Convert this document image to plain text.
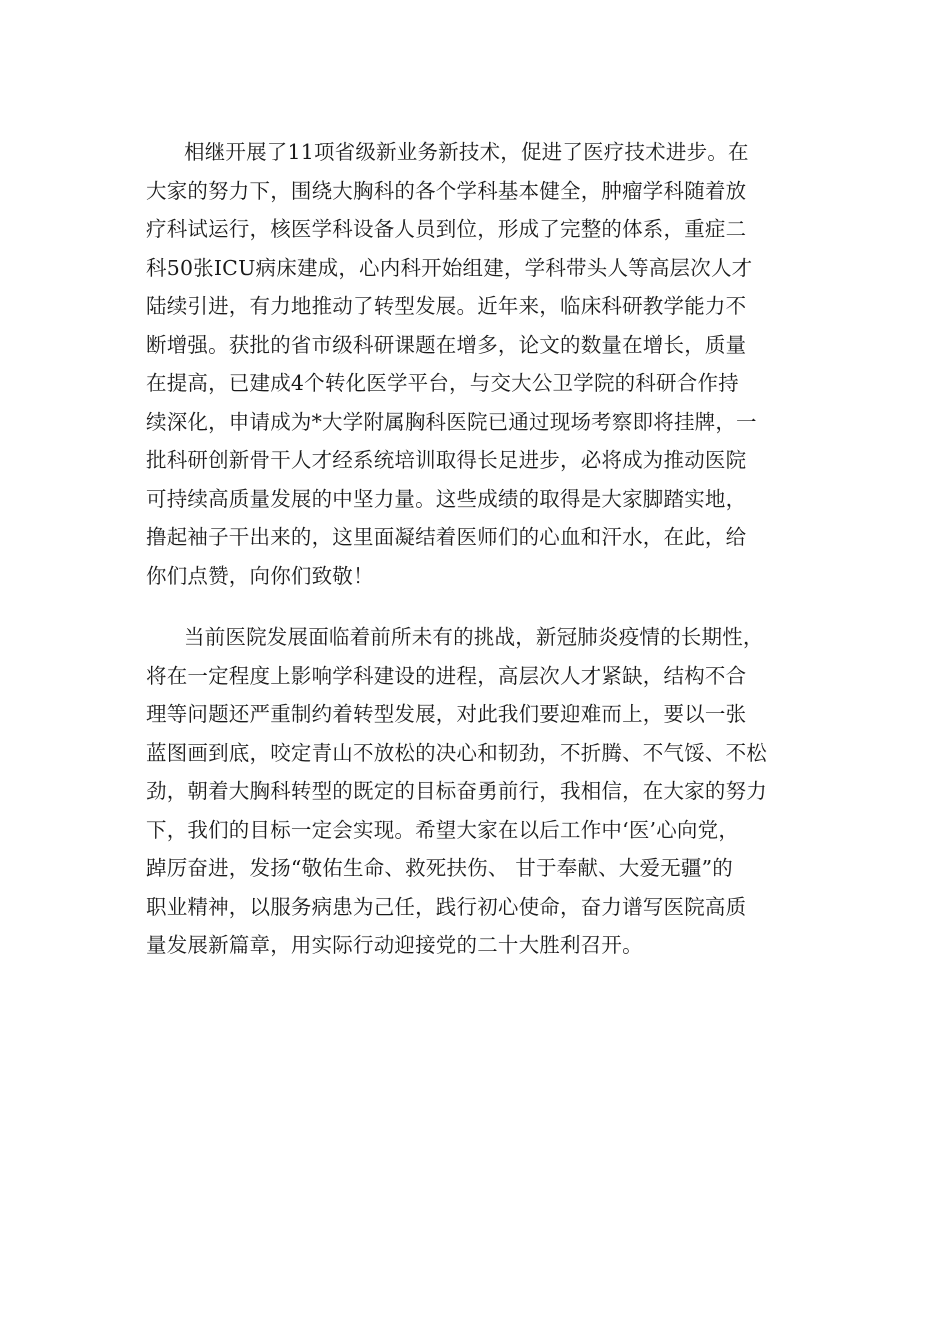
相继开展了11项省级新业务新技术，促进了医疗技术进步。在
大家的努力下，围绕大胸科的各个学科基本健全，肿瘤学科随着放
疗科试运行，核医学科设备人员到位，形成了完整的体系，重症二
科50张ICU病床建成，心内科开始组建，学科带头人等高层次人才
陆续引进，有力地推动了转型发展。近年来，临床科研教学能力不
断增强。获批的省市级科研课题在增多，论文的数量在增长，质量
在提高，已建成4个转化医学平台，与交大公卫学院的科研合作持
续深化，申请成为*大学附属胸科医院已通过现场考察即将挂牌，一
批科研创新骨干人才经系统培训取得长足进步，必将成为推动医院
可持续高质量发展的中坚力量。这些成绩的取得是大家脚踏实地，
撸起袖子干出来的，这里面凝结着医师们的心血和汗水，在此，给
你们点赞，向你们致敬！
当前医院发展面临着前所未有的挑战，新冠肺炎疫情的长期性，
将在一定程度上影响学科建设的进程，高层次人才紧缺，结构不合
理等问题还严重制约着转型发展，对此我们要迎难而上，要以一张
蓝图画到底，咬定青山不放松的决心和韧劲，不折腾、不气馁、不松
劲，朝着大胸科转型的既定的目标奋勇前行，我相信，在大家的努力
下，我们的目标一定会实现。希望大家在以后工作中‘医’心向党，
踔厉奋进，发扬“敬佑生命、救死扶伤、 甘于奉献、大爱无疆”的
职业精神，以服务病患为己任，践行初心使命，奋力谱写医院高质
量发展新篇章，用实际行动迎接党的二十大胜利召开。
